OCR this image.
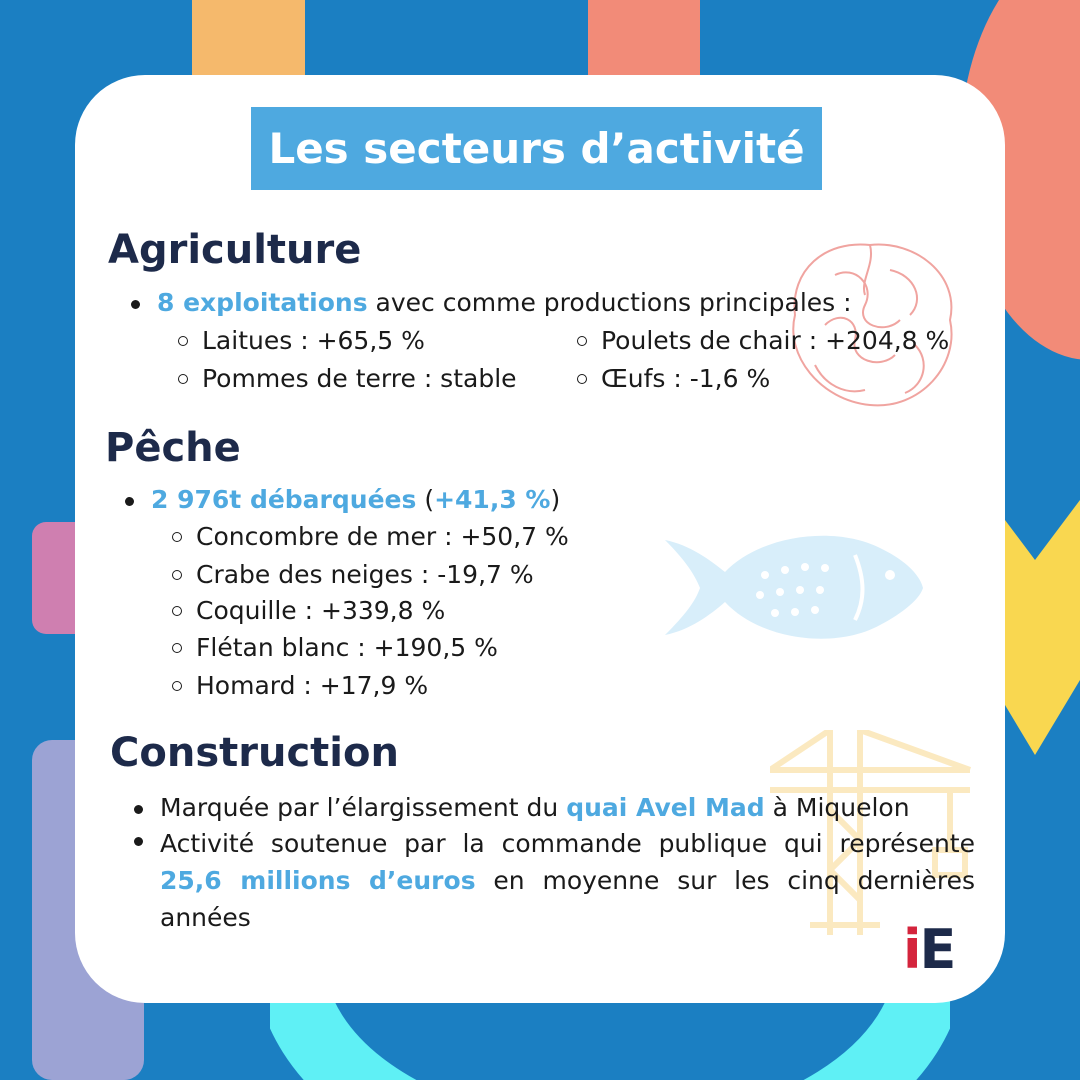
Les secteurs d’activité
Agriculture
8 exploitations avec comme productions principales :
Laitues : +65,5 %
Pommes de terre : stable
Poulets de chair : +204,8 %
Œufs : -1,6 %
Pêche
2 976t débarquées (+41,3 %)
Concombre de mer : +50,7 %
Crabe des neiges : -19,7 %
Coquille : +339,8 %
Flétan blanc : +190,5 %
Homard : +17,9 %
Construction
Marquée par l’élargissement du quai Avel Mad à Miquelon
Activité soutenue par la commande publique qui représente 25,6 millions d’euros en moyenne sur les cinq dernières années
iE
